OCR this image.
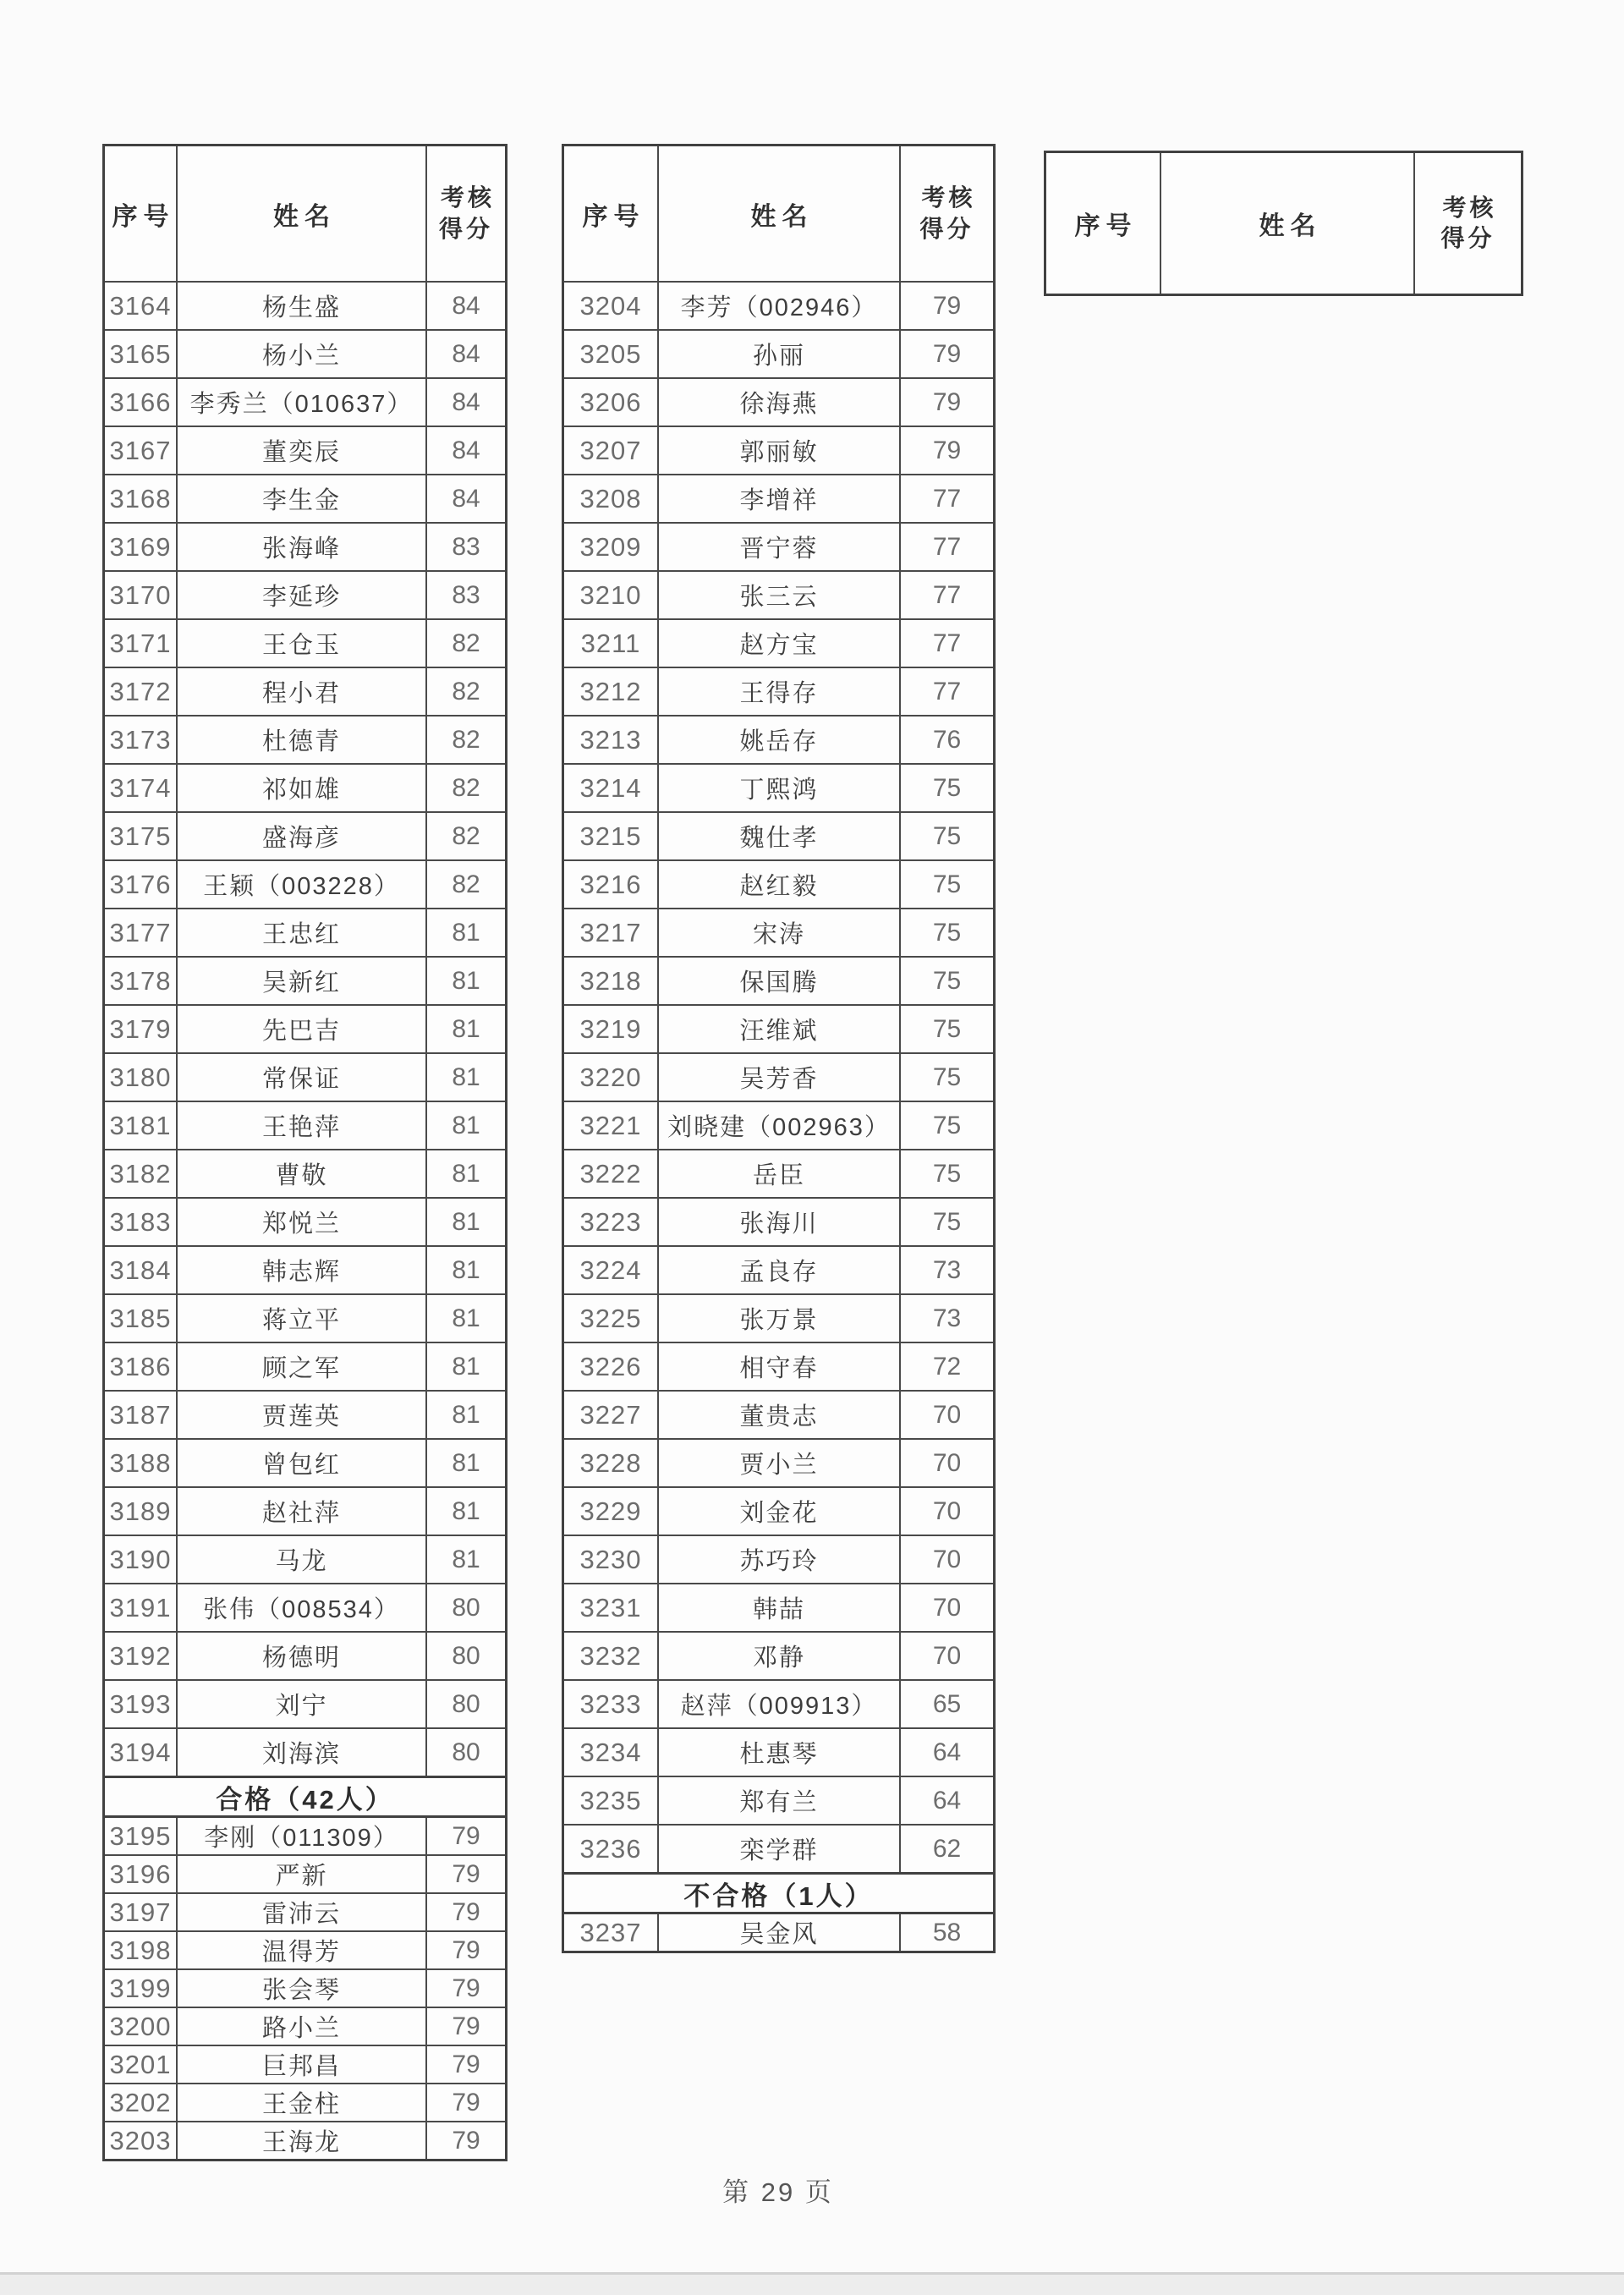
序号	姓名
考核
得分
3164	杨生盛	84
3165	杨小兰	84
3166 李秀兰（010637） 84
3167	董奕辰	84
3168	李生金	84
3169	张海峰	83
3170	李延珍	83
3171	王仓玉	82
3172	程小君	82
3173	杜德青	82
3174	祁如雄	82
3175	盛海彦	82
3176 王颖（003228） 82
3177	王忠红	81
3178	吴新红	81
3179	先巴吉	81
3180	常保证	81
3181	王艳萍	81
3182	曹敬	81
3183	郑悦兰	81
3184	韩志辉	81
3185	蒋立平	81
3186	顾之军	81
3187	贾莲英	81
3188	曾包红	81
3189	赵社萍	81
3190	马龙	81
3191 张伟（008534） 80
3192	杨德明	80
3193	刘宁	80
3194	刘海滨	80
合格（42人）
3195 李刚（011309） 79
3196	严新	79
3197	雷沛云	79
3198	温得芳	79
3199	张会琴	79
3200	路小兰	79
3201	巨邦昌	79
3202	王金柱	79
3203	王海龙	79
序号	姓名
考核
得分
3204 李芳（002946） 79
3205	孙丽	79
3206	徐海燕	79
3207	郭丽敏	79
3208	李增祥	77
3209	晋宁蓉	77
3210	张三云	77
3211	赵方宝	77
3212	王得存	77
3213	姚岳存	76
3214	丁熙鸿	75
3215	魏仕孝	75
3216	赵红毅	75
3217	宋涛	75
3218	保国腾	75
3219	汪维斌	75
3220	吴芳香	75
3221 刘晓建（002963） 75
3222	岳臣	75
3223	张海川	75
3224	孟良存	73
3225	张万景	73
3226	相守春	72
3227	董贵志	70
3228	贾小兰	70
3229	刘金花	70
3230	苏巧玲	70
3231	韩喆	70
3232	邓静	70
3233 赵萍（009913） 65
3234	杜惠琴	64
3235	郑有兰	64
3236	栾学群	62
不合格（1人）
3237	吴金风	58
序号	姓名
考核
得分
第 29 页
